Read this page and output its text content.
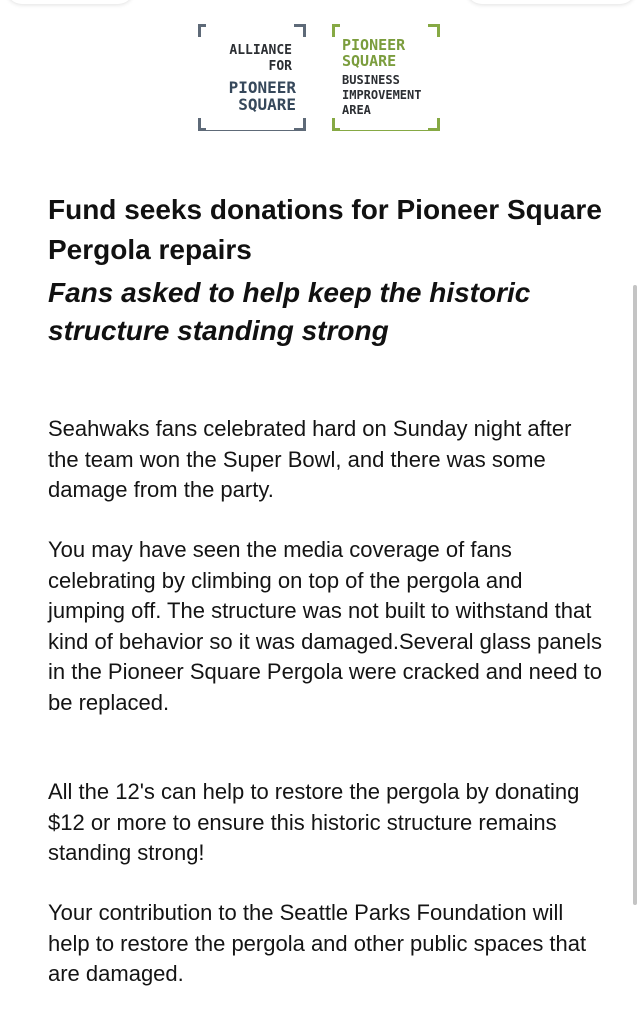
ALLIANCE
FOR
PIONEER
SQUARE
PIONEER
SQUARE
BUSINESS
IMPROVEMENT
AREA
Fund seeks donations for Pioneer Square Pergola repairs
Fans asked to help keep the historic structure standing strong

Seahwaks fans celebrated hard on Sunday night after the team won the Super Bowl, and there was some damage from the party.

You may have seen the media coverage of fans celebrating by climbing on top of the pergola and jumping off. The structure was not built to withstand that kind of behavior so it was damaged.Several glass panels in the Pioneer Square Pergola were cracked and need to be replaced.

All the 12's can help to restore the pergola by donating $12 or more to ensure this historic structure remains standing strong!

Your contribution to the Seattle Parks Foundation will help to restore the pergola and other public spaces that are damaged.
